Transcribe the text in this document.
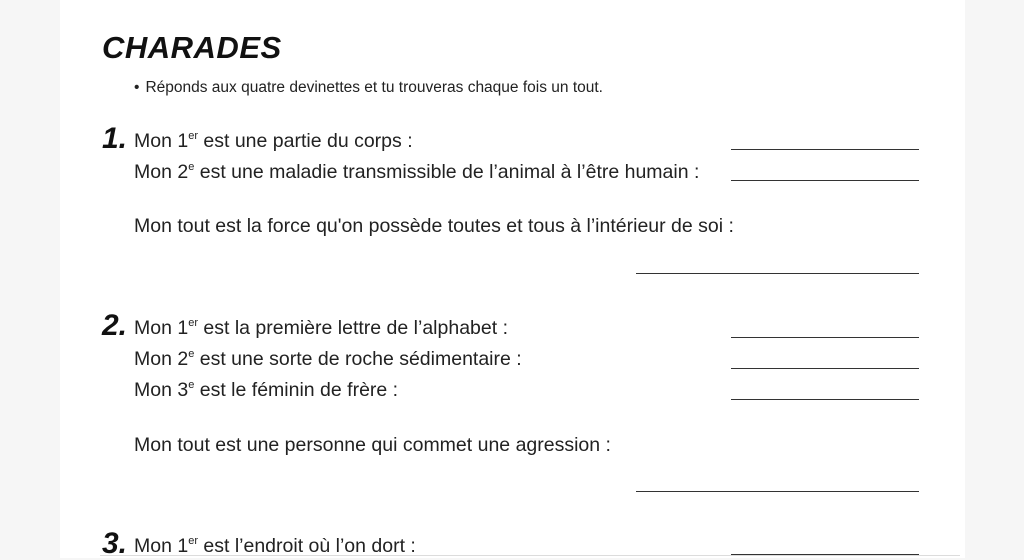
CHARADES
• Réponds aux quatre devinettes et tu trouveras chaque fois un tout.
1. Mon 1er est une partie du corps :
Mon 2e est une maladie transmissible de l’animal à l’être humain :
Mon tout est la force qu'on possède toutes et tous à l’intérieur de soi :
2. Mon 1er est la première lettre de l’alphabet :
Mon 2e est une sorte de roche sédimentaire :
Mon 3e est le féminin de frère :
Mon tout est une personne qui commet une agression :
3. Mon 1er est l’endroit où l’on dort :
